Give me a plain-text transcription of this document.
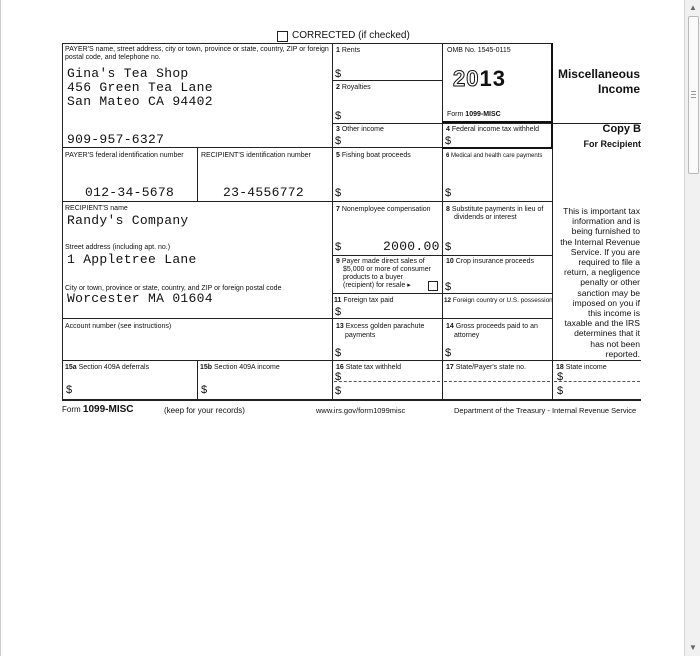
CORRECTED (if checked)
PAYER'S name, street address, city or town, province or state, country, ZIP or foreign postal code, and telephone no.
Gina's Tea Shop
456 Green Tea Lane
San Mateo CA 94402
909-957-6327
1 Rents
$
2 Royalties
$
OMB No. 1545-0115
2013
Form 1099-MISC
Miscellaneous
Income
Copy B
For Recipient
3 Other income
$
4 Federal income tax withheld
$
PAYER'S federal identification number
012-34-5678
RECIPIENT'S identification number
23-4556772
5 Fishing boat proceeds
$
6 Medical and health care payments
$
RECIPIENT'S name
Randy's Company
Street address (including apt. no.)
1 Appletree Lane
City or town, province or state, country, and ZIP or foreign postal code
Worcester MA 01604
Account number (see instructions)
7 Nonemployee compensation
$	2000.00
8 Substitute payments in lieu of
dividends or interest
$
9 Payer made direct sales of
$5,000 or more of consumer
products to a buyer
(recipient) for resale ▸
10 Crop insurance proceeds
$
11 Foreign tax paid
$
12 Foreign country or U.S. possession
13 Excess golden parachute
payments
$
14 Gross proceeds paid to an
attorney
$
This is important tax
information and is
being furnished to
the Internal Revenue
Service. If you are
required to file a
return, a negligence
penalty or other
sanction may be
imposed on you if
this income is
taxable and the IRS
determines that it
has not been
reported.
15a Section 409A deferrals
$
15b Section 409A income
$
16 State tax withheld
$
$
17 State/Payer's state no.	18 State income
$
$
Form 1099-MISC	(keep for your records)	www.irs.gov/form1099misc	Department of the Treasury - Internal Revenue Service
▲
▼
